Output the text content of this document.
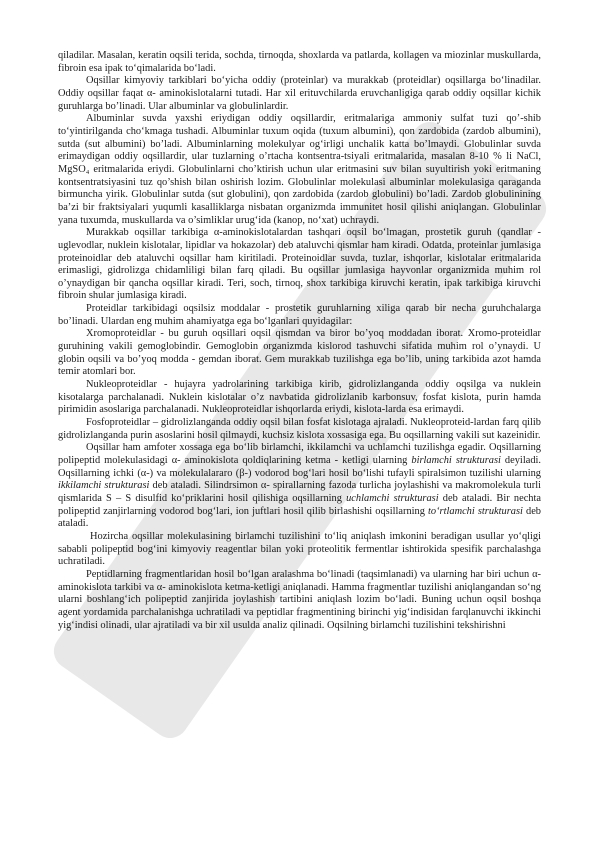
qiladilar. Masalan, keratin oqsili terida, sochda, tirnoqda, shoxlarda va patlarda, kollagen va miozinlar muskullarda, fibroin esa ipak to‘qimalarida bo‘ladi.

Oqsillar kimyoviy tarkiblari bo‘yicha oddiy (proteinlar) va murakkab (proteidlar) oqsillarga bo‘linadilar. Oddiy oqsillar faqat α- aminokislotalarni tutadi. Har xil erituvchilarda eruvchanligiga qarab oddiy oqsillar kichik guruhlarga bo’linadi. Ular albuminlar va globulinlardir.

Albuminlar suvda yaxshi eriydigan oddiy oqsillardir, eritmalariga ammoniy sulfat tuzi qo’-shib to‘yintirilganda cho‘kmaga tushadi. Albuminlar tuxum oqida (tuxum albumini), qon zardobida (zardob albumini), sutda (sut albumini) bo’ladi. Albuminlarning molekulyar og‘irligi unchalik katta bo’lmaydi. Globulinlar suvda erimaydigan oddiy oqsillardir, ular tuzlarning o’rtacha kontsentra-tsiyali eritmalarida, masalan 8-10 % li NaCl, MgSO₄ eritmalarida eriydi. Globulinlarni cho’ktirish uchun ular eritmasini suv bilan suyultirish yoki eritmaning kontsentratsiyasini tuz qo’shish bilan oshirish lozim. Globulinlar molekulasi albuminlar molekulasiga qaraganda birmuncha yirik. Globulinlar sutda (sut globulini), qon zardobida (zardob globulini) bo’ladi. Zardob globulinining ba’zi bir fraktsiyalari yuqumli kasalliklarga nisbatan organizmda immunitet hosil qilishi aniqlangan. Globulinlar yana tuxumda, muskullarda va o’simliklar urug‘ida (kanop, no‘xat) uchraydi.

Murakkab oqsillar tarkibiga α-aminokislotalardan tashqari oqsil bo‘lmagan, prostetik guruh (qandlar - uglevodlar, nuklein kislotalar, lipidlar va hokazolar) deb ataluvchi qismlar ham kiradi. Odatda, proteinlar jumlasiga proteinoidlar deb ataluvchi oqsillar ham kiritiladi. Proteinoidlar suvda, tuzlar, ishqorlar, kislotalar eritmalarida erimasligi, gidrolizga chidamliligi bilan farq qiladi. Bu oqsillar jumlasiga hayvonlar organizmida muhim rol o’ynaydigan bir qancha oqsillar kiradi. Teri, soch, tirnoq, shox tarkibiga kiruvchi keratin, ipak tarkibiga kiruvchi fibroin shular jumlasiga kiradi.

Proteidlar tarkibidagi oqsilsiz moddalar - prostetik guruhlarning xiliga qarab bir necha guruhchalarga bo’linadi. Ulardan eng muhim ahamiyatga ega bo‘lganlari quyidagilar:

Xromoproteidlar - bu guruh oqsillari oqsil qismdan va biror bo’yoq moddadan iborat. Xromo-proteidlar guruhining vakili gemoglobindir. Gemoglobin organizmda kislorod tashuvchi sifatida muhim rol o’ynaydi. U globin oqsili va bo’yoq modda - gemdan iborat. Gem murakkab tuzilishga ega bo’lib, uning tarkibida azot hamda temir atomlari bor.

Nukleoproteidlar - hujayra yadrolarining tarkibiga kirib, gidrolizlanganda oddiy oqsilga va nuklein kisotalarga parchalanadi. Nuklein kislotalar o’z navbatida gidrolizlanib karbonsuv, fosfat kislota, purin hamda pirimidin asoslariga parchalanadi. Nukleoproteidlar ishqorlarda eriydi, kislota-larda esa erimaydi.

Fosfoproteidlar – gidrolizlanganda oddiy oqsil bilan fosfat kislotaga ajraladi. Nukleoproteid-lardan farq qilib gidrolizlanganda purin asoslarini hosil qilmaydi, kuchsiz kislota xossasiga ega. Bu oqsillarning vakili sut kazeinidir.

Oqsillar ham amfoter xossaga ega bo‘lib birlamchi, ikkilamchi va uchlamchi tuzilishga egadir. Oqsillarning polipeptid molekulasidagi α- aminokislota qoldiqlarining ketma - ketligi ularning birlamchi strukturasi deyiladi. Oqsillarning ichki (α-) va molekulalararo (β-) vodorod bog‘lari hosil bo‘lishi tufayli spiralsimon tuzilishi ularning ikkilamchi strukturasi deb ataladi. Silindrsimon α- spirallarning fazoda turlicha joylashishi va makromolekula turli qismlarida S – S disulfid ko‘priklarini hosil qilishiga oqsillarning uchlamchi strukturasi deb ataladi. Bir nechta polipeptid zanjirlarning vodorod bog‘lari, ion juftlari hosil qilib birlashishi oqsillarning to‘rtlamchi strukturasi deb ataladi.

Hozircha oqsillar molekulasining birlamchi tuzilishini to‘liq aniqlash imkonini beradigan usullar yo‘qligi sababli polipeptid bog‘ini kimyoviy reagentlar bilan yoki proteolitik fermentlar ishtirokida spesifik parchalashga uchratiladi.

Peptidlarning fragmentlaridan hosil bo‘lgan aralashma bo‘linadi (taqsimlanadi) va ularning har biri uchun α- aminokislota tarkibi va α- aminokislota ketma-ketligi aniqlanadi. Hamma fragmentlar tuzilishi aniqlangandan so‘ng ularni boshlang‘ich polipeptid zanjirida joylashish tartibini aniqlash lozim bo‘ladi. Buning uchun oqsil boshqa agent yordamida parchalanishga uchratiladi va peptidlar fragmentining birinchi yig‘indisidan farqlanuvchi ikkinchi yig‘indisi olinadi, ular ajratiladi va bir xil usulda analiz qilinadi. Oqsilning birlamchi tuzilishini tekshirishni
